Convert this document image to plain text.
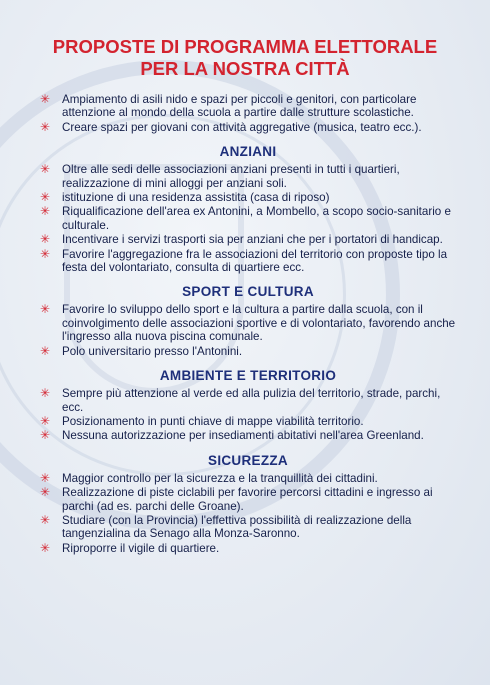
PROPOSTE DI PROGRAMMA ELETTORALE
PER LA NOSTRA CITTÀ
✳ Ampiamento di asili nido e spazi per piccoli e genitori, con particolare attenzione al mondo della scuola a partire dalle strutture scolastiche.
✳ Creare spazi per giovani con attività aggregative (musica, teatro ecc.).
ANZIANI
✳ Oltre alle sedi delle associazioni anziani presenti in tutti i quartieri, realizzazione di mini alloggi per anziani soli.
✳ istituzione di una residenza assistita (casa di riposo)
✳ Riqualificazione dell'area ex Antonini, a Mombello, a scopo socio-sanitario e culturale.
✳ Incentivare i servizi trasporti sia per anziani che per i portatori di handicap.
✳ Favorire l'aggregazione fra le associazioni del territorio con proposte tipo la festa del volontariato, consulta di quartiere ecc.
SPORT E CULTURA
✳ Favorire lo sviluppo dello sport e la cultura a partire dalla scuola, con il coinvolgimento delle associazioni sportive e di volontariato, favorendo anche l'ingresso alla nuova piscina comunale.
✳ Polo universitario presso l'Antonini.
AMBIENTE E TERRITORIO
✳ Sempre più attenzione al verde ed alla pulizia del territorio, strade, parchi, ecc.
✳ Posizionamento in punti chiave di mappe viabilità territorio.
✳ Nessuna autorizzazione per insediamenti abitativi nell'area Greenland.
SICUREZZA
✳ Maggior controllo per la sicurezza e la tranquillità dei cittadini.
✳ Realizzazione di piste ciclabili per favorire percorsi cittadini e ingresso ai parchi (ad es. parchi delle Groane).
✳ Studiare (con la Provincia) l'effettiva possibilità di realizzazione della tangenzialina da Senago alla Monza-Saronno.
✳ Riproporre il vigile di quartiere.
